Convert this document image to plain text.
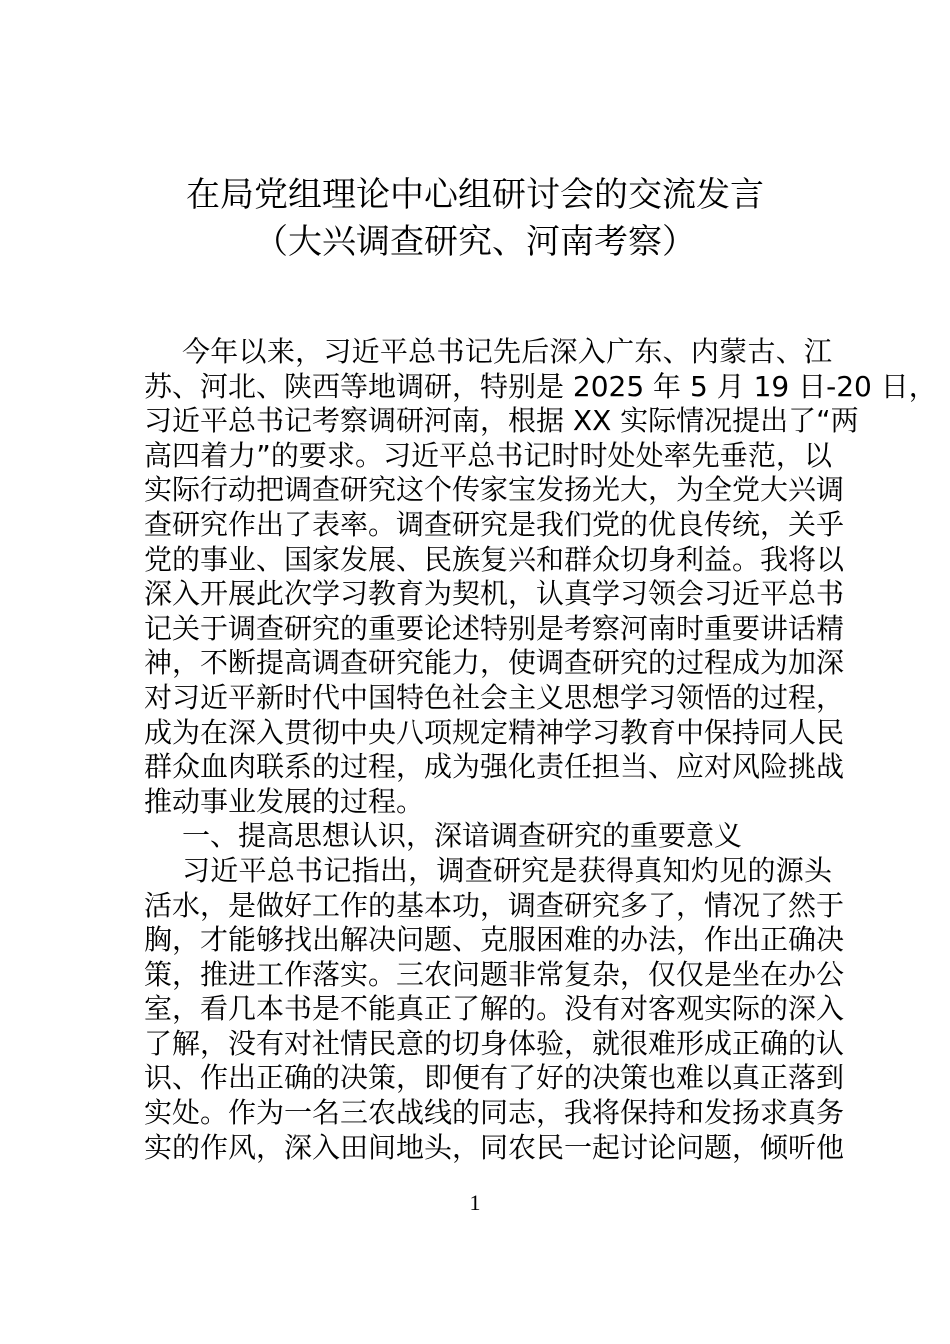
在局党组理论中心组研讨会的交流发言
（大兴调查研究、河南考察）
今年以来，习近平总书记先后深入广东、内蒙古、江
苏、河北、陕西等地调研，特别是 2025 年 5 月 19 日-20 日，
习近平总书记考察调研河南，根据 XX 实际情况提出了“两
高四着力”的要求。习近平总书记时时处处率先垂范，以
实际行动把调查研究这个传家宝发扬光大，为全党大兴调
查研究作出了表率。调查研究是我们党的优良传统，关乎
党的事业、国家发展、民族复兴和群众切身利益。我将以
深入开展此次学习教育为契机，认真学习领会习近平总书
记关于调查研究的重要论述特别是考察河南时重要讲话精
神，不断提高调查研究能力，使调查研究的过程成为加深
对习近平新时代中国特色社会主义思想学习领悟的过程，
成为在深入贯彻中央八项规定精神学习教育中保持同人民
群众血肉联系的过程，成为强化责任担当、应对风险挑战
推动事业发展的过程。
一、提高思想认识，深谙调查研究的重要意义
习近平总书记指出，调查研究是获得真知灼见的源头
活水，是做好工作的基本功，调查研究多了，情况了然于
胸，才能够找出解决问题、克服困难的办法，作出正确决
策，推进工作落实。三农问题非常复杂，仅仅是坐在办公
室，看几本书是不能真正了解的。没有对客观实际的深入
了解，没有对社情民意的切身体验，就很难形成正确的认
识、作出正确的决策，即便有了好的决策也难以真正落到
实处。作为一名三农战线的同志，我将保持和发扬求真务
实的作风，深入田间地头，同农民一起讨论问题，倾听他
1
